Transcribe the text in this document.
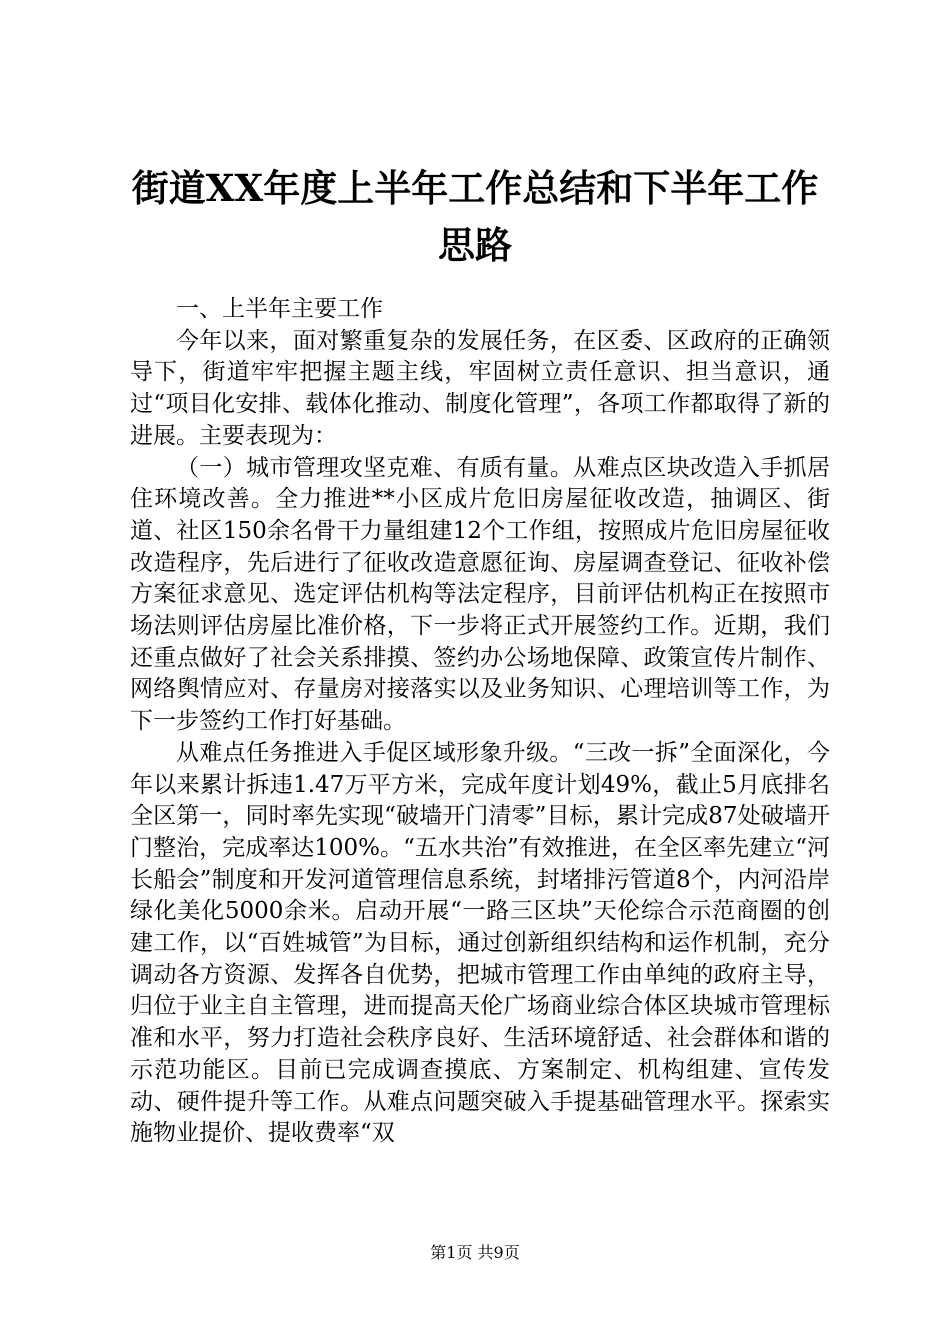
街道XX年度上半年工作总结和下半年工作思路

一、上半年主要工作

今年以来，面对繁重复杂的发展任务，在区委、区政府的正确领导下，街道牢牢把握主题主线，牢固树立责任意识、担当意识，通过“项目化安排、载体化推动、制度化管理”，各项工作都取得了新的进展。主要表现为：

（一）城市管理攻坚克难、有质有量。从难点区块改造入手抓居住环境改善。全力推进**小区成片危旧房屋征收改造，抽调区、街道、社区150余名骨干力量组建12个工作组，按照成片危旧房屋征收改造程序，先后进行了征收改造意愿征询、房屋调查登记、征收补偿方案征求意见、选定评估机构等法定程序，目前评估机构正在按照市场法则评估房屋比准价格，下一步将正式开展签约工作。近期，我们还重点做好了社会关系排摸、签约办公场地保障、政策宣传片制作、网络舆情应对、存量房对接落实以及业务知识、心理培训等工作，为下一步签约工作打好基础。

从难点任务推进入手促区域形象升级。“三改一拆”全面深化，今年以来累计拆违1.47万平方米，完成年度计划49%，截止5月底排名全区第一，同时率先实现“破墙开门清零”目标，累计完成87处破墙开门整治，完成率达100%。“五水共治”有效推进，在全区率先建立“河长船会”制度和开发河道管理信息系统，封堵排污管道8个，内河沿岸绿化美化5000余米。启动开展“一路三区块”天伦综合示范商圈的创建工作，以“百姓城管”为目标，通过创新组织结构和运作机制，充分调动各方资源、发挥各自优势，把城市管理工作由单纯的政府主导，归位于业主自主管理，进而提高天伦广场商业综合体区块城市管理标准和水平，努力打造社会秩序良好、生活环境舒适、社会群体和谐的示范功能区。目前已完成调查摸底、方案制定、机构组建、宣传发动、硬件提升等工作。从难点问题突破入手提基础管理水平。探索实施物业提价、提收费率“双

第1页 共9页
